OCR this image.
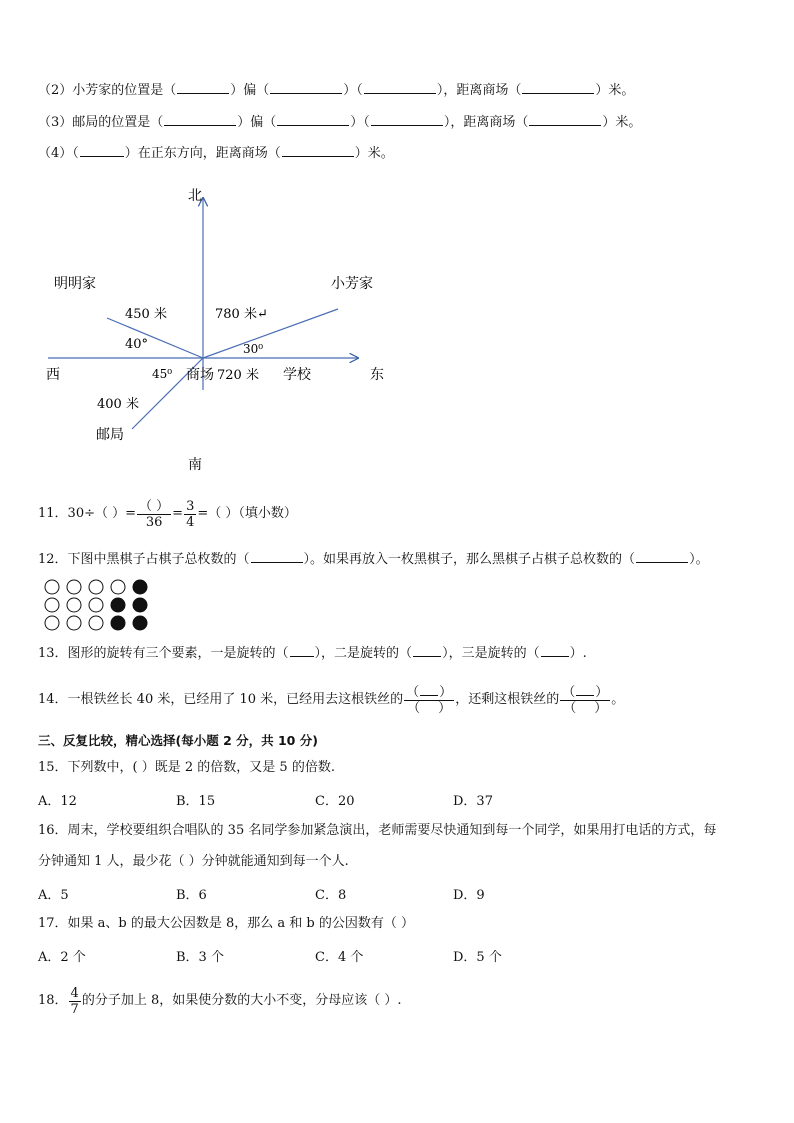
（2）小芳家的位置是（	）偏（	）（	），距离商场（	）米。
（3）邮局的位置是（	）偏（	）（	），距离商场（	）米。
（4）（	）在正东方向，距离商场（	）米。
北
南
东
西
明明家	小芳家
450 米	780 米↵
40°	30⁰
45⁰ 商场 720 米 学校
400 米
邮局
11．30÷（ ）= $\frac{( )}{36} = \frac{3}{4}$ =（ ）（填小数）
12．下图中黑棋子占棋子总枚数的（	）。如果再放入一枚黑棋子，那么黑棋子占棋子总枚数的（	）。
13．图形的旋转有三个要素，一是旋转的（ ），二是旋转的（ ），三是旋转的（ ）.
14．一根铁丝长 40 米，已经用了 10 米，已经用去这根铁丝的 $\frac{( )}{( )}$ ，还剩这根铁丝的 $\frac{( )}{( )}$ 。
三、反复比较，精心选择(每小题 2 分，共 10 分)
15．下列数中，( ）既是 2 的倍数，又是 5 的倍数.
A．12	B．15	C．20	D．37
16．周末，学校要组织合唱队的 35 名同学参加紧急演出，老师需要尽快通知到每一个同学，如果用打电话的方式，每
分钟通知 1 人，最少花（ ）分钟就能通知到每一个人.
A．5	B．6	C．8	D．9
17．如果 a、b 的最大公因数是 8，那么 a 和 b 的公因数有（ ）
A．2 个	B．3 个	C．4 个	D．5 个
18． $\frac{4}{7}$ 的分子加上 8，如果使分数的大小不变，分母应该（ ）.
